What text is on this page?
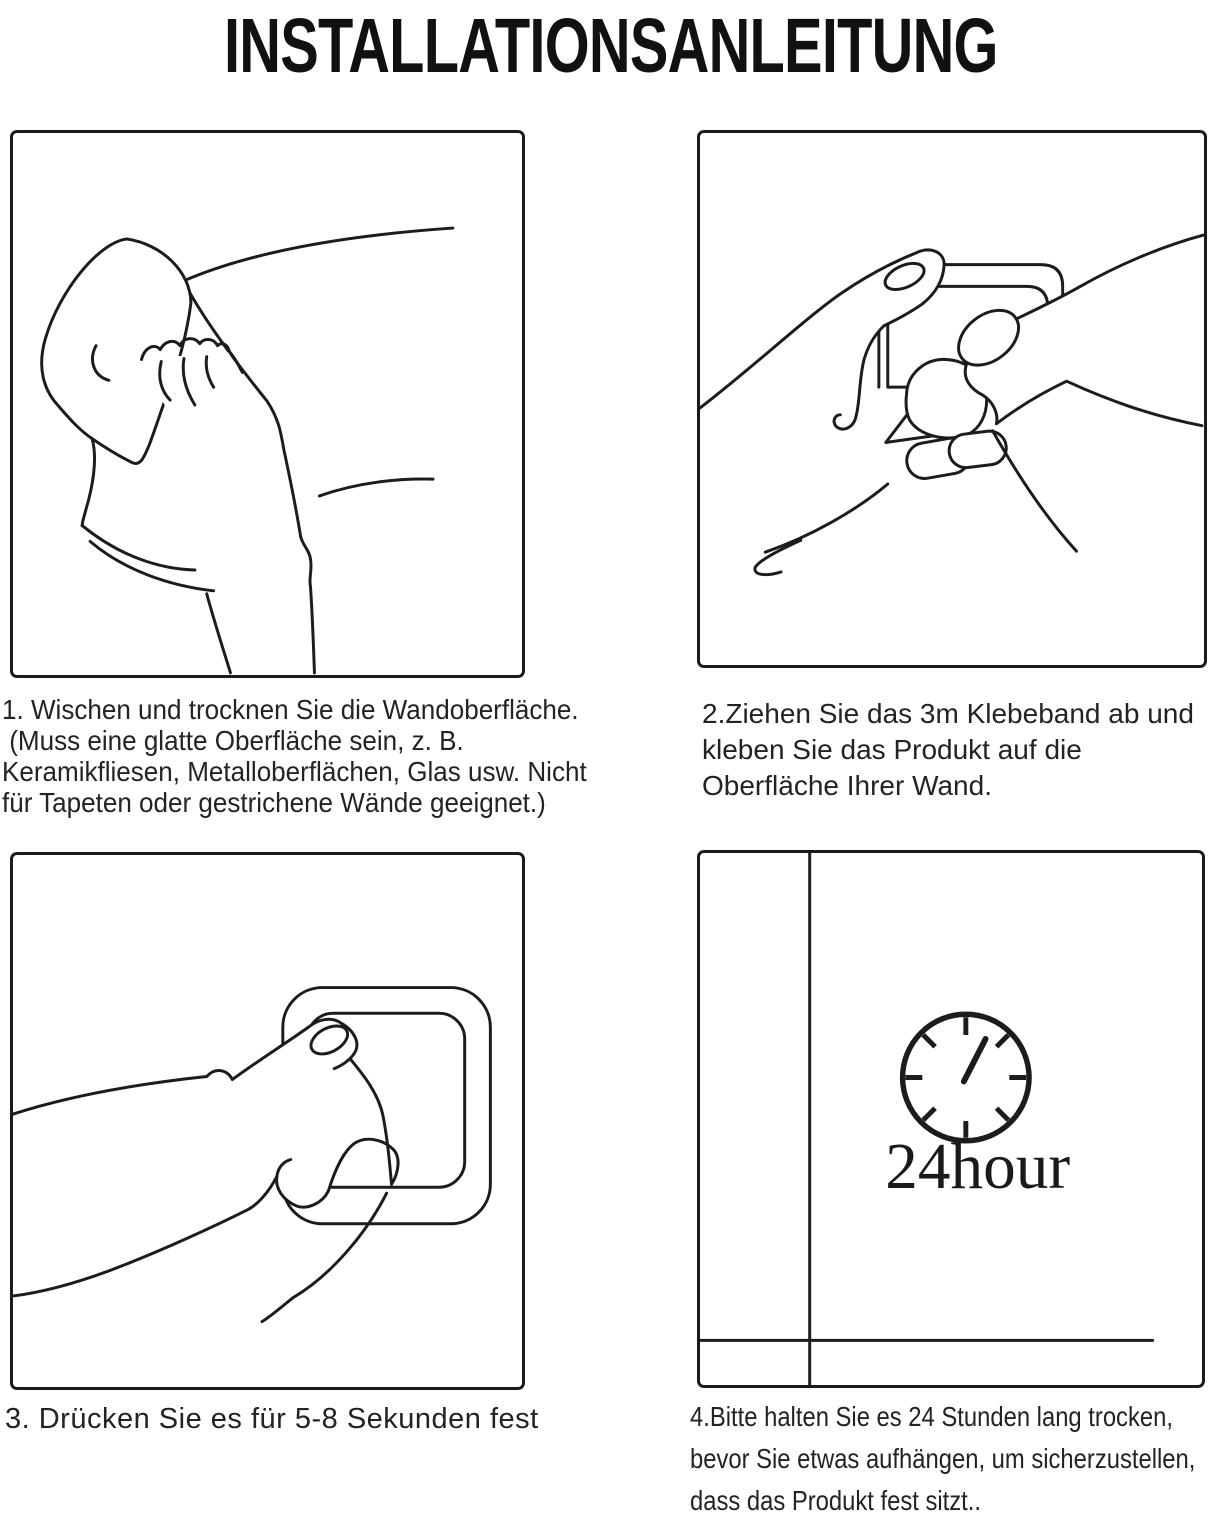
INSTALLATIONSANLEITUNG
24hour
1. Wischen und trocknen Sie die Wandoberfläche.
(Muss eine glatte Oberfläche sein, z. B.
Keramikfliesen, Metalloberflächen, Glas usw. Nicht
für Tapeten oder gestrichene Wände geeignet.)
2.Ziehen Sie das 3m Klebeband ab und
kleben Sie das Produkt auf die
Oberfläche Ihrer Wand.
3. Drücken Sie es für 5-8 Sekunden fest	4.Bitte halten Sie es 24 Stunden lang trocken,
bevor Sie etwas aufhängen, um sicherzustellen,
dass das Produkt fest sitzt..
